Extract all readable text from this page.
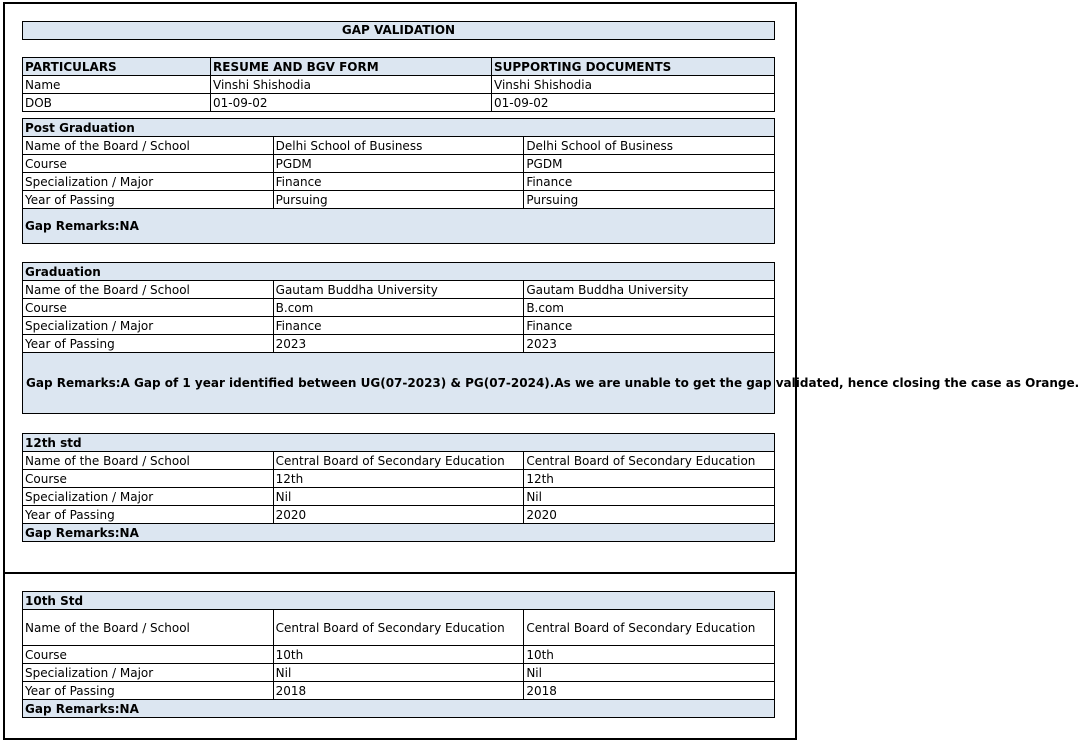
GAP VALIDATION
PARTICULARS	RESUME AND BGV FORM	SUPPORTING DOCUMENTS
Name	Vinshi Shishodia	Vinshi Shishodia
DOB	01-09-02	01-09-02
Post Graduation		
Name of the Board / School	Delhi School of Business	Delhi School of Business
Course	PGDM	PGDM
Specialization / Major	Finance	Finance
Year of Passing	Pursuing	Pursuing
Gap Remarks:NA		
Graduation		
Name of the Board / School	Gautam Buddha University	Gautam Buddha University
Course	B.com	B.com
Specialization / Major	Finance	Finance
Year of Passing	2023	2023
Gap Remarks:A Gap of 1 year identified between UG(07-2023) & PG(07-2024).As we are unable to get the gap validated, hence closing the case as Orange.		
12th std		
Name of the Board / School	Central Board of Secondary Education	Central Board of Secondary Education
Course	12th	12th
Specialization / Major	Nil	Nil
Year of Passing	2020	2020
Gap Remarks:NA		
10th Std		
Name of the Board / School	Central Board of Secondary Education	Central Board of Secondary Education
Course	10th	10th
Specialization / Major	Nil	Nil
Year of Passing	2018	2018
Gap Remarks:NA		
